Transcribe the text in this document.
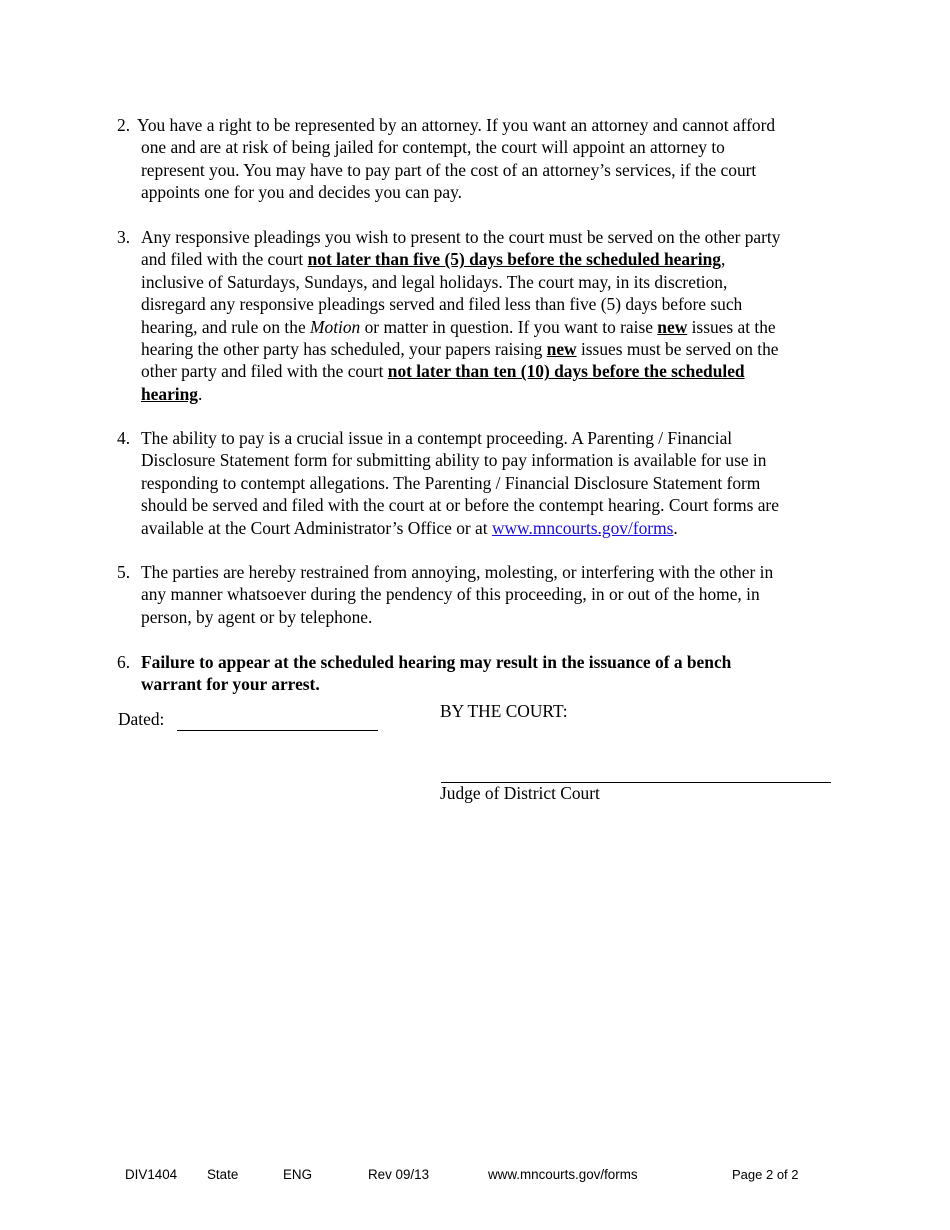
2. You have a right to be represented by an attorney. If you want an attorney and cannot afford
one and are at risk of being jailed for contempt, the court will appoint an attorney to
represent you. You may have to pay part of the cost of an attorney’s services, if the court
appoints one for you and decides you can pay.
3. Any responsive pleadings you wish to present to the court must be served on the other party
and filed with the court not later than five (5) days before the scheduled hearing,
inclusive of Saturdays, Sundays, and legal holidays. The court may, in its discretion,
disregard any responsive pleadings served and filed less than five (5) days before such
hearing, and rule on the Motion or matter in question. If you want to raise new issues at the
hearing the other party has scheduled, your papers raising new issues must be served on the
other party and filed with the court not later than ten (10) days before the scheduled
hearing.
4. The ability to pay is a crucial issue in a contempt proceeding. A Parenting / Financial
Disclosure Statement form for submitting ability to pay information is available for use in
responding to contempt allegations. The Parenting / Financial Disclosure Statement form
should be served and filed with the court at or before the contempt hearing. Court forms are
available at the Court Administrator’s Office or at www.mncourts.gov/forms.
5. The parties are hereby restrained from annoying, molesting, or interfering with the other in
any manner whatsoever during the pendency of this proceeding, in or out of the home, in
person, by agent or by telephone.
6. Failure to appear at the scheduled hearing may result in the issuance of a bench
warrant for your arrest.
Dated:	BY THE COURT:
Judge of District Court
DIV1404 State	ENG	Rev 09/13	www.mncourts.gov/forms	Page 2 of 2
